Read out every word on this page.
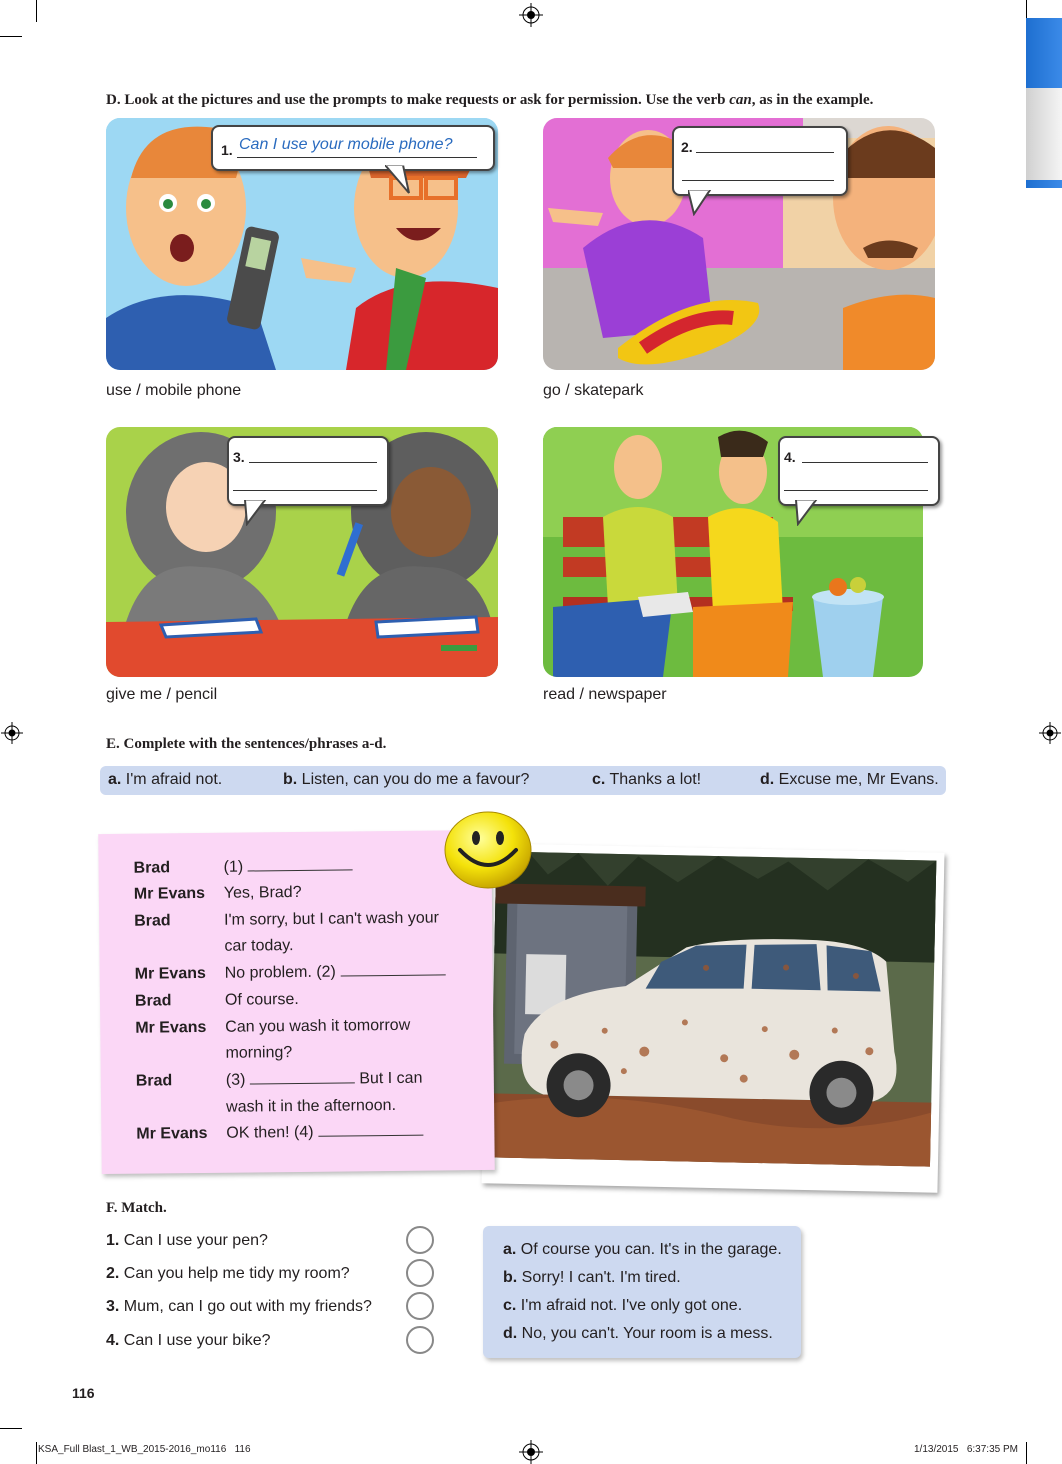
D. Look at the pictures and use the prompts to make requests or ask for permission. Use the verb can, as in the example.
1. Can I use your mobile phone?
use / mobile phone
2.
go / skatepark
3.
give me / pencil
4.
read / newspaper
E. Complete with the sentences/phrases a-d.
a. I'm afraid not.	b. Listen, can you do me a favour?	c. Thanks a lot!	d. Excuse me, Mr Evans.
Brad	(1)
Mr Evans	Yes, Brad?
Brad	I'm sorry, but I can't wash your
car today.
Mr Evans	No problem. (2)
Brad	Of course.
Mr Evans	Can you wash it tomorrow
morning?
Brad	(3)	But I can
wash it in the afternoon.
Mr Evans	OK then! (4)
F. Match.
1. Can I use your pen?
2. Can you help me tidy my room?
3. Mum, can I go out with my friends?
4. Can I use your bike?
a. Of course you can. It's in the garage.
b. Sorry! I can't. I'm tired.
c. I'm afraid not. I've only got one.
d. No, you can't. Your room is a mess.
116
KSA_Full Blast_1_WB_2015-2016_mo116   116	1/13/2015   6:37:35 PM
